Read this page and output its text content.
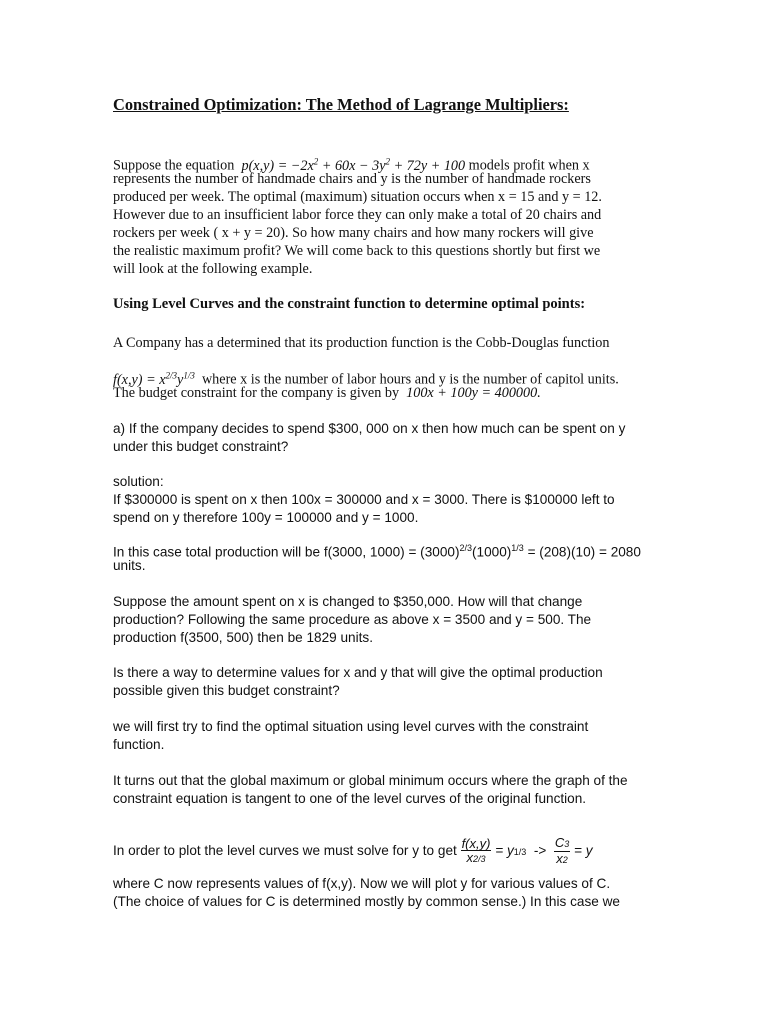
Constrained Optimization: The Method of Lagrange Multipliers:
Suppose the equation  $p(x,y) = -2x^2 + 60x - 3y^2 + 72y + 100$ models profit when x
represents the number of handmade chairs and y is the number of handmade rockers
produced per week. The optimal (maximum) situation occurs when x = 15 and y = 12.
However due to an insufficient labor force they can only make a total of 20 chairs and
rockers per week ( x + y = 20). So how many chairs and how many rockers will give
the realistic maximum profit? We will come back to this questions shortly but first we
will look at the following example.
Using Level Curves and the constraint function to determine optimal points:
A Company has a determined that its production function is the Cobb-Douglas function
$f(x,y) = x^{2/3}y^{1/3}$ where x is the number of labor hours and y is the number of capitol units.
The budget constraint for the company is given by 100x + 100y = 400000.
a) If the company decides to spend $300, 000 on x then how much can be spent on y
under this budget constraint?
solution:
If $300000 is spent on x then 100x = 300000 and x = 3000. There is $100000 left to
spend on y therefore 100y = 100000 and y = 1000.
In this case total production will be f(3000, $1000) = (3000)^{2/3}(1000)^{1/3} = (208)(10) = 2080$
units.
Suppose the amount spent on x is changed to $350,000. How will that change
production? Following the same procedure as above x = 3500 and y = 500. The
production f(3500, 500) then be 1829 units.
Is there a way to determine values for x and y that will give the optimal production
possible given this budget constraint?
we will first try to find the optimal situation using level curves with the constraint
function.
It turns out that the global maximum or global minimum occurs where the graph of the
constraint equation is tangent to one of the level curves of the original function.
In order to plot the level curves we must solve for y to get $\frac{f(x,y)}{x2/3} = y1/3 -> \frac{C3}{x2} = y$
where C now represents values of f(x,y). Now we will plot y for various values of C.
(The choice of values for C is determined mostly by common sense.) In this case we
